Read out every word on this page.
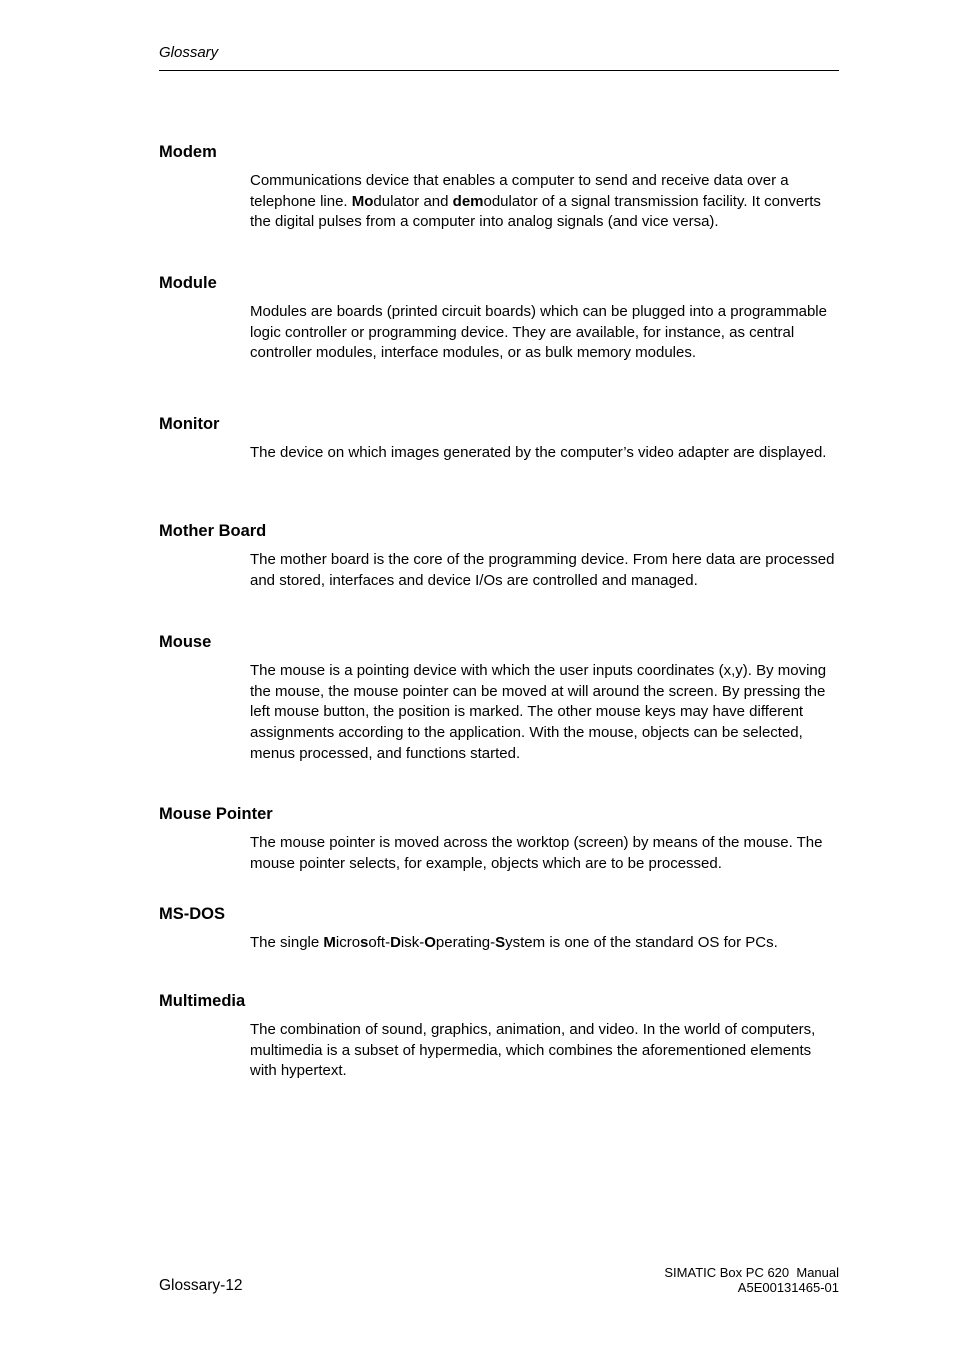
Glossary

Modem

Communications device that enables a computer to send and receive data over a telephone line. Modulator and demodulator of a signal transmission facility. It converts the digital pulses from a computer into analog signals (and vice versa).

Module

Modules are boards (printed circuit boards) which can be plugged into a programmable logic controller or programming device. They are available, for instance, as central controller modules, interface modules, or as bulk memory modules.

Monitor

The device on which images generated by the computer’s video adapter are displayed.

Mother Board

The mother board is the core of the programming device. From here data are processed and stored, interfaces and device I/Os are controlled and managed.

Mouse

The mouse is a pointing device with which the user inputs coordinates (x,y). By moving the mouse, the mouse pointer can be moved at will around the screen. By pressing the left mouse button, the position is marked. The other mouse keys may have different assignments according to the application. With the mouse, objects can be selected, menus processed, and functions started.

Mouse Pointer

The mouse pointer is moved across the worktop (screen) by means of the mouse. The mouse pointer selects, for example, objects which are to be processed.

MS-DOS

The single Microsoft-Disk-Operating-System is one of the standard OS for PCs.

Multimedia

The combination of sound, graphics, animation, and video. In the world of computers, multimedia is a subset of hypermedia, which combines the aforementioned elements with hypertext.

Glossary-12
SIMATIC Box PC 620  Manual
A5E00131465-01
